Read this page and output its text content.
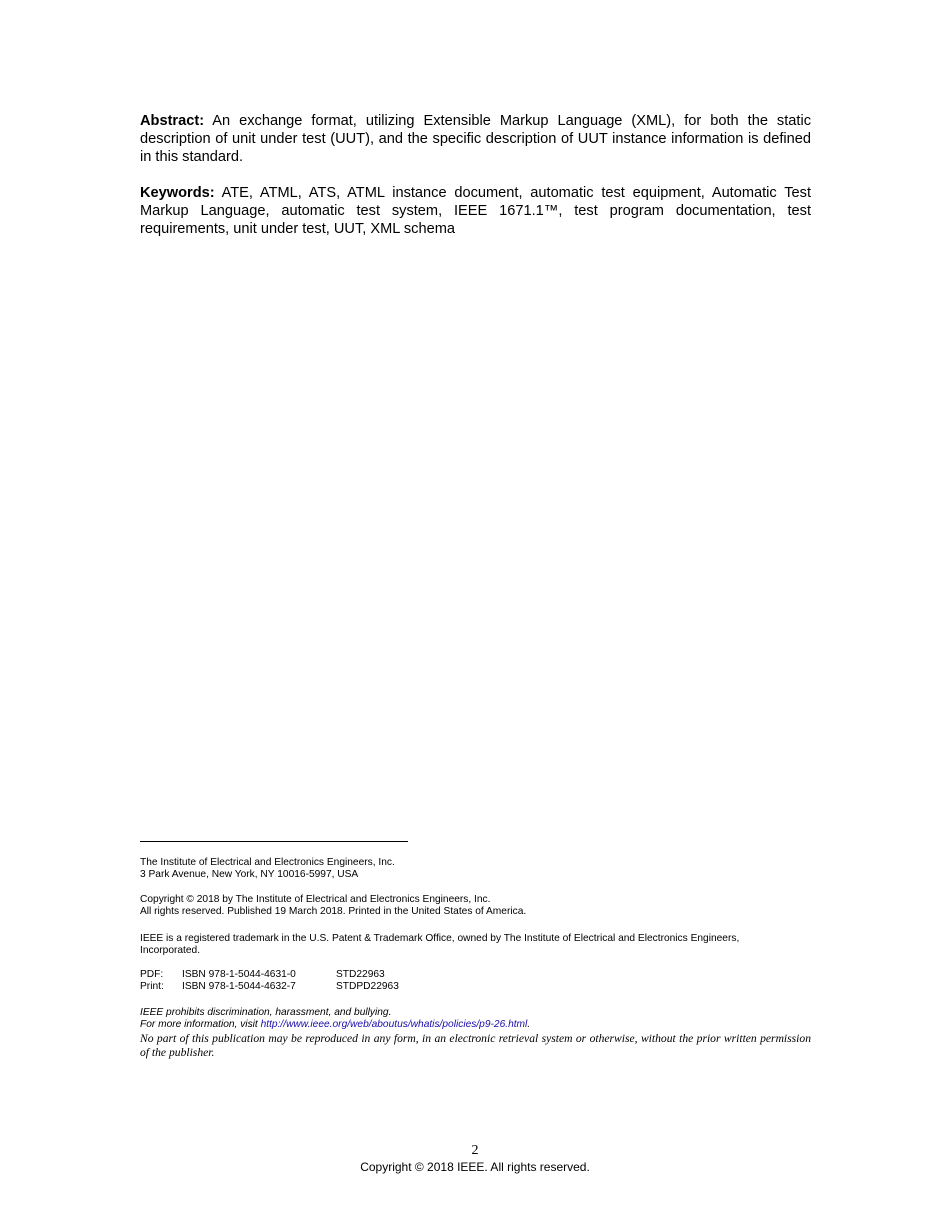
Abstract: An exchange format, utilizing Extensible Markup Language (XML), for both the static description of unit under test (UUT), and the specific description of UUT instance information is defined in this standard.

Keywords: ATE, ATML, ATS, ATML instance document, automatic test equipment, Automatic Test Markup Language, automatic test system, IEEE 1671.1™, test program documentation, test requirements, unit under test, UUT, XML schema

The Institute of Electrical and Electronics Engineers, Inc.
3 Park Avenue, New York, NY 10016-5997, USA
Copyright © 2018 by The Institute of Electrical and Electronics Engineers, Inc.
All rights reserved. Published 19 March 2018. Printed in the United States of America.
IEEE is a registered trademark in the U.S. Patent & Trademark Office, owned by The Institute of Electrical and Electronics Engineers, Incorporated.
PDF:	ISBN 978-1-5044-4631-0	STD22963
Print:	ISBN 978-1-5044-4632-7	STDPD22963
IEEE prohibits discrimination, harassment, and bullying.
For more information, visit http://www.ieee.org/web/aboutus/whatis/policies/p9-26.html.

No part of this publication may be reproduced in any form, in an electronic retrieval system or otherwise, without the prior written permission of the publisher.

2
Copyright © 2018 IEEE. All rights reserved.
